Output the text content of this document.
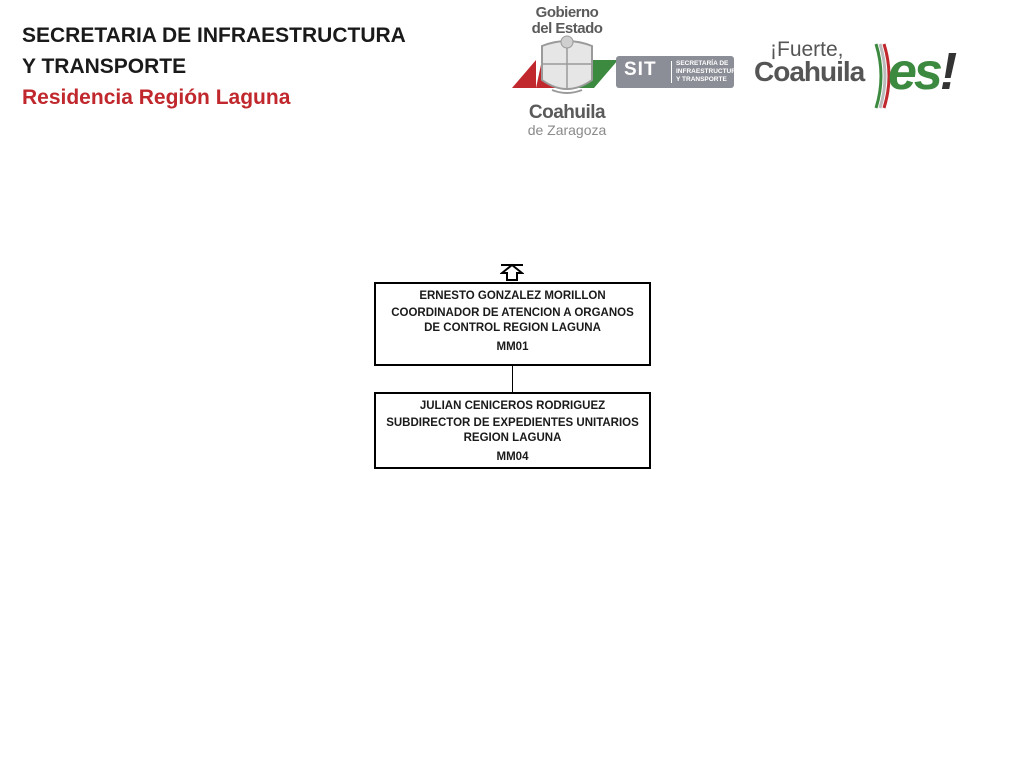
SECRETARIA DE INFRAESTRUCTURA
Y TRANSPORTE
Residencia Región Laguna
Gobierno
del Estado
Coahuila
de Zaragoza
SIT	SECRETARÍA DE
INFRAESTRUCTURA
Y TRANSPORTE
¡Fuerte,
Coahuila es!
ERNESTO GONZALEZ MORILLON
COORDINADOR DE ATENCION A ORGANOS DE CONTROL REGION LAGUNA
MM01
JULIAN CENICEROS RODRIGUEZ
SUBDIRECTOR DE EXPEDIENTES UNITARIOS REGION LAGUNA
MM04
